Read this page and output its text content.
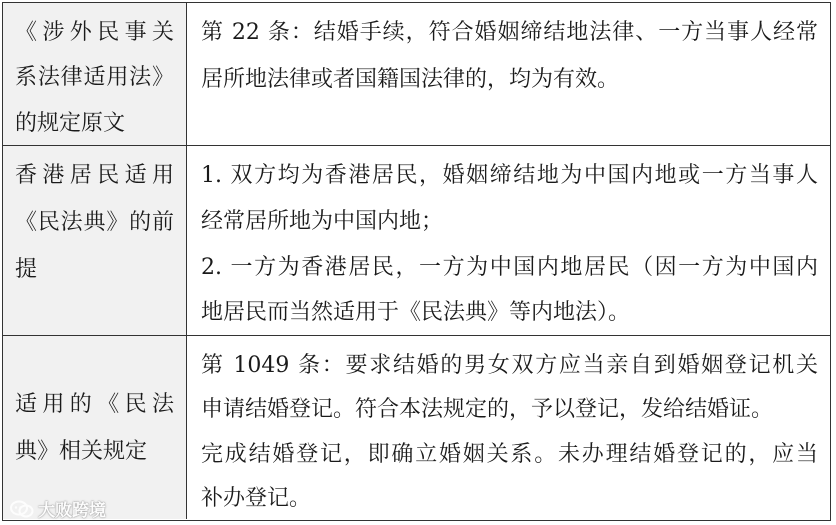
《涉外民事关
系法律适用法》
的规定原文
第 22 条：结婚手续，符合婚姻缔结地法律、一方当事人经常
居所地法律或者国籍国法律的，均为有效。
香港居民适用
《民法典》的前
提
1. 双方均为香港居民，婚姻缔结地为中国内地或一方当事人
经常居所地为中国内地；
2. 一方为香港居民，一方为中国内地居民（因一方为中国内
地居民而当然适用于《民法典》等内地法）。
适用的《民法
典》相关规定
第 1049 条：要求结婚的男女双方应当亲自到婚姻登记机关
申请结婚登记。符合本法规定的，予以登记，发给结婚证。
完成结婚登记，即确立婚姻关系。未办理结婚登记的，应当
补办登记。
大败跨境
